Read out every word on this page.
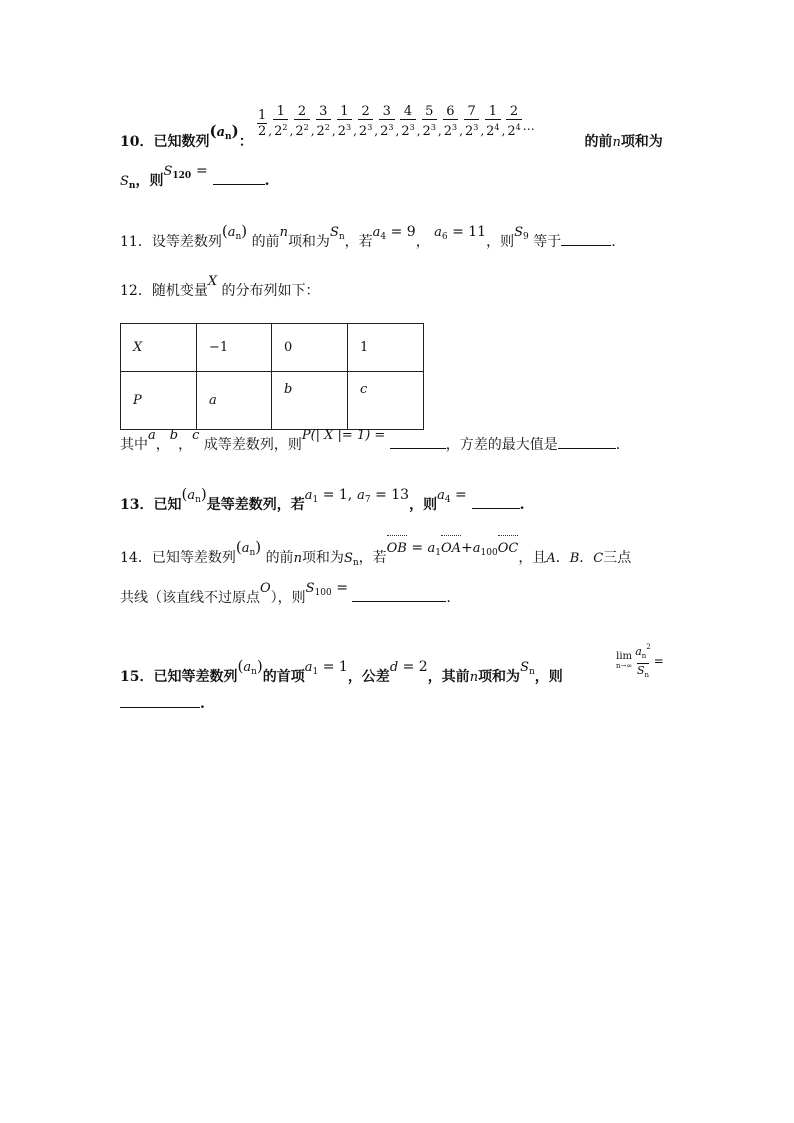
$\frac{1}{2}$ , $\frac{1}{2^2}$ , $\frac{2}{2^2}$ , $\frac{3}{2^2}$ , $\frac{1}{2^3}$ , $\frac{2}{2^3}$ , $\frac{3}{2^3}$ , $\frac{4}{2^3}$ , $\frac{5}{2^3}$ , $\frac{6}{2^3}$ , $\frac{7}{2^3}$ , $\frac{1}{2^4}$ , $\frac{2}{2^4}$ …
10．已知数列$(a_n)$：	的前n项和为
$S_n$，则$S_{120}$ = .
11．设等差数列$(a_n)$ 的前n项和为$S_n$，若$a_4 = 9$， $a_6 = 11$，则$S_9$ 等于	.
12．随机变量X 的分布列如下：
X	−1	0	1
P	a	b	c
其中a，b，c 成等差数列，则P(| X |= 1) = ，方差的最大值是	.
13．已知$(a_n)$是等差数列，若$a_1 = 1$, $a_7 = 13$，则$a_4$ = .
14．已知等差数列$(a_n)$ 的前n项和为$S_n$，若OB = $a_1OA+a_{100}OC$，且A．B．C三点
共线（该直线不过原点O），则$S_{100}$ = .
15．已知等差数列$(a_n)$的首项$a_1 = 1$，公差d = 2，其前n项和为$S_n$，则
lim
$n\to\infty \frac{a_n^2}{S_n}$ =
.
